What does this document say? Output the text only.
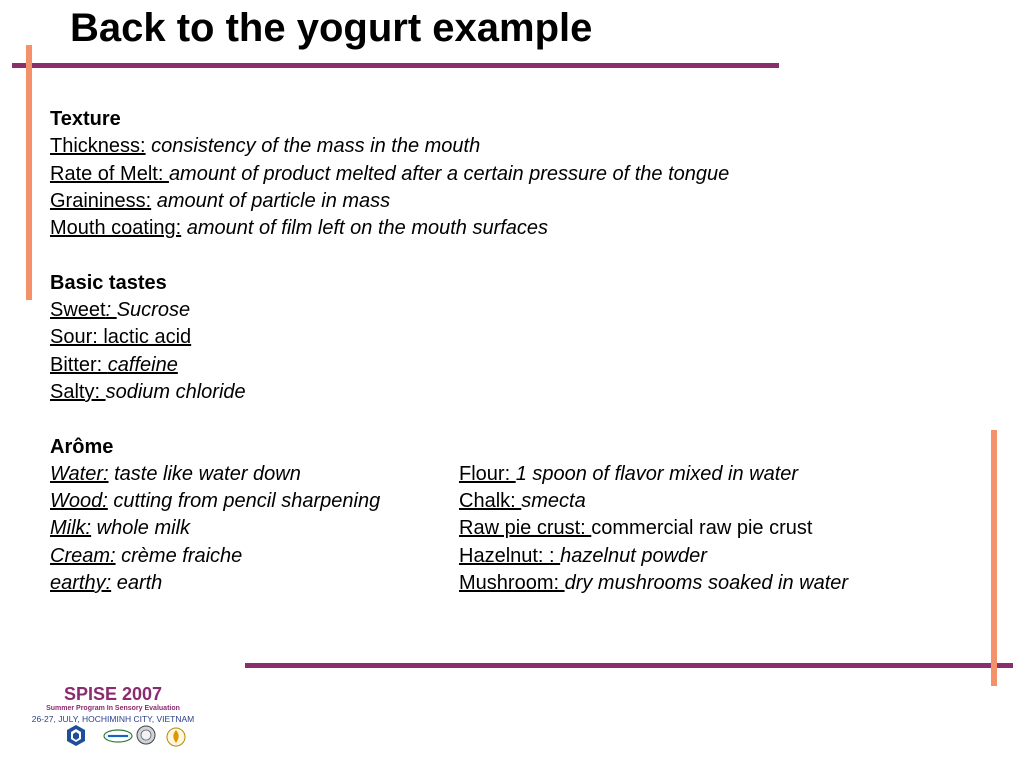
Back to the yogurt example
Texture
Thickness: consistency of the mass in the mouth
Rate of Melt: amount of product melted after a certain pressure of the tongue
Graininess: amount of particle in mass
Mouth coating: amount of film left on the mouth surfaces
Basic tastes
Sweet: Sucrose
Sour: lactic acid
Bitter: caffeine
Salty: sodium chloride
Arôme
Water: taste like water down
Wood: cutting from pencil sharpening
Milk: whole milk
Cream: crème fraiche
earthy: earth
Flour: 1 spoon of flavor mixed in water
Chalk: smecta
Raw pie crust: commercial raw pie crust
Hazelnut: : hazelnut powder
Mushroom: dry mushrooms soaked in water
SPISE 2007
Summer Program In Sensory Evaluation
26-27, JULY, HOCHIMINH CITY, VIETNAM
